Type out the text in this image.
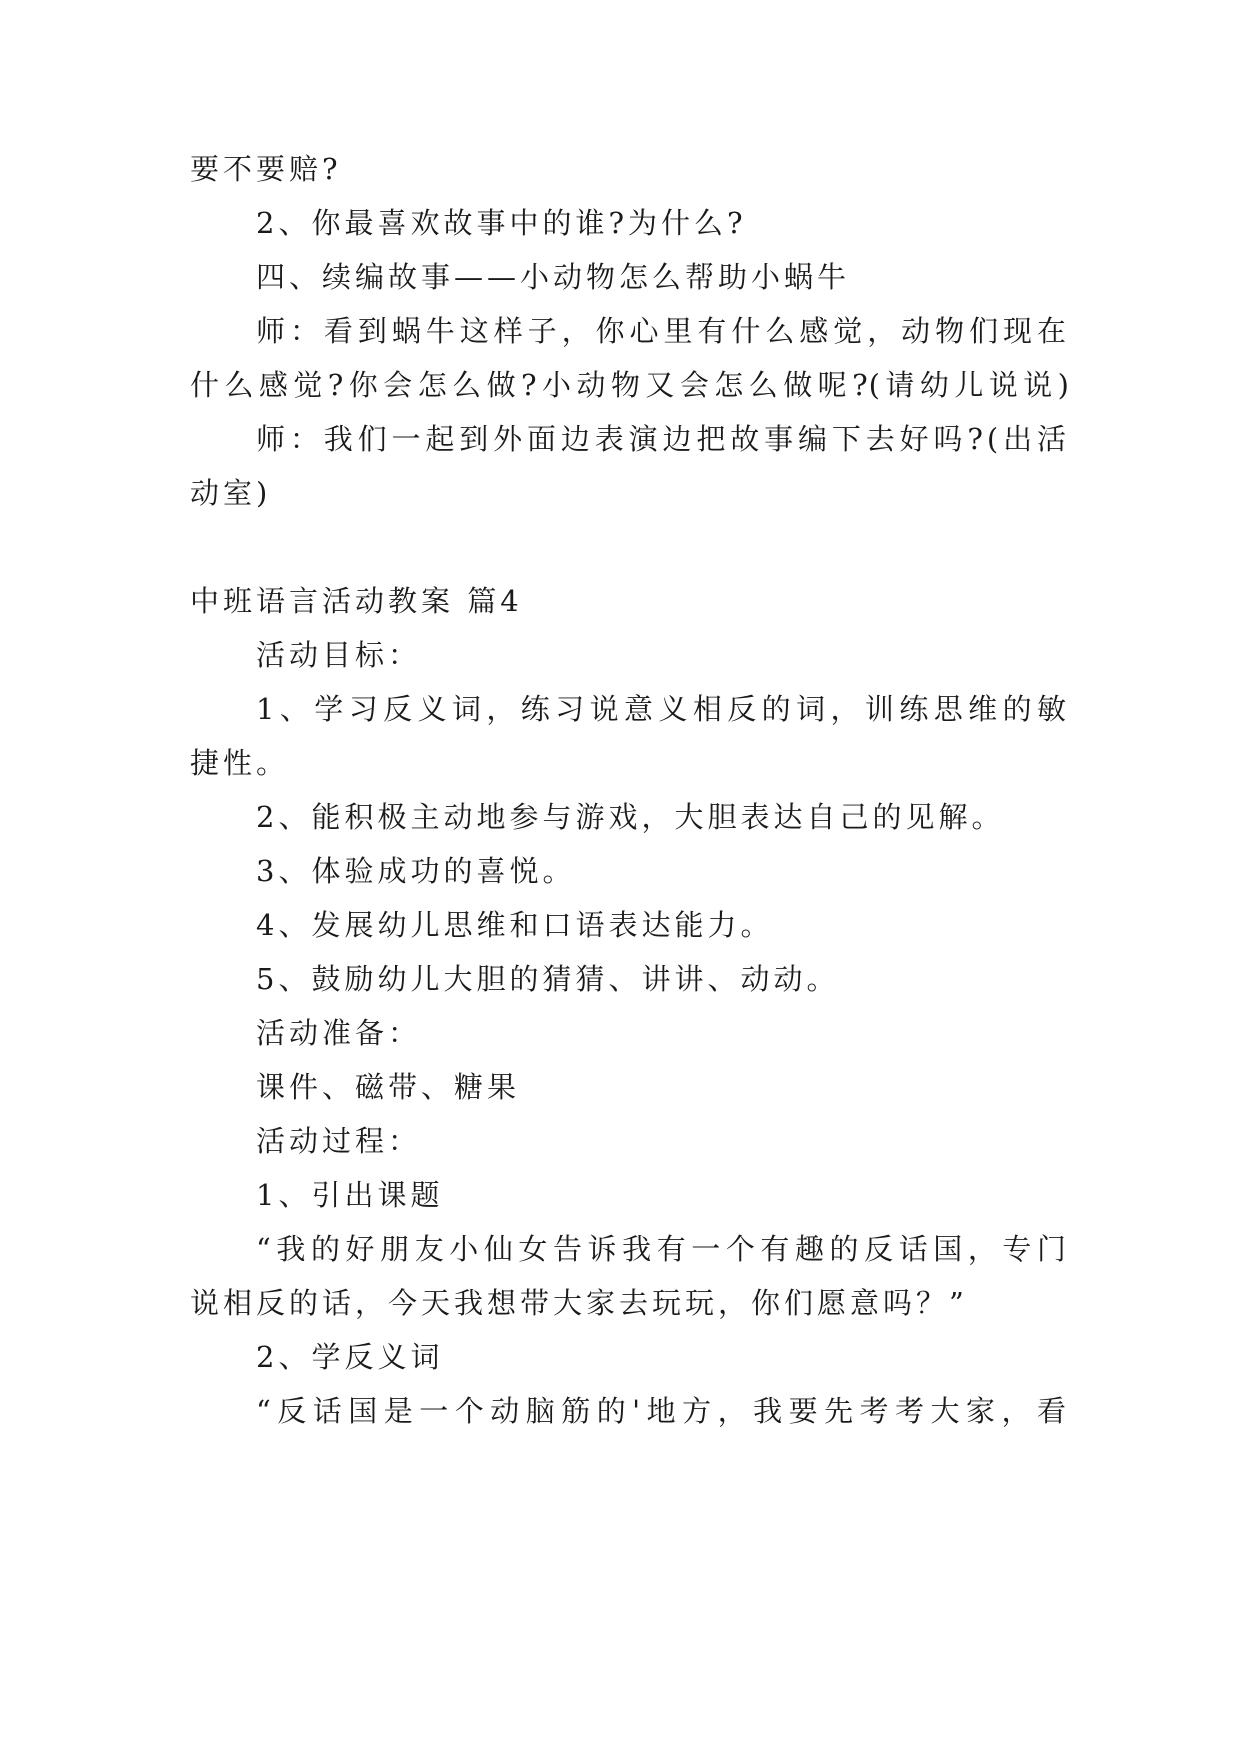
要不要赔?
2、你最喜欢故事中的谁?为什么?
四、续编故事——小动物怎么帮助小蜗牛
师：看到蜗牛这样子，你心里有什么感觉，动物们现在
什么感觉?你会怎么做?小动物又会怎么做呢?(请幼儿说说)
师：我们一起到外面边表演边把故事编下去好吗?(出活
动室)
中班语言活动教案 篇4
活动目标：
1、学习反义词，练习说意义相反的词，训练思维的敏
捷性。
2、能积极主动地参与游戏，大胆表达自己的见解。
3、体验成功的喜悦。
4、发展幼儿思维和口语表达能力。
5、鼓励幼儿大胆的猜猜、讲讲、动动。
活动准备：
课件、磁带、糖果
活动过程：
1、引出课题
“我的好朋友小仙女告诉我有一个有趣的反话国，专门
说相反的话，今天我想带大家去玩玩，你们愿意吗？”
2、学反义词
“反话国是一个动脑筋的'地方，我要先考考大家，看
